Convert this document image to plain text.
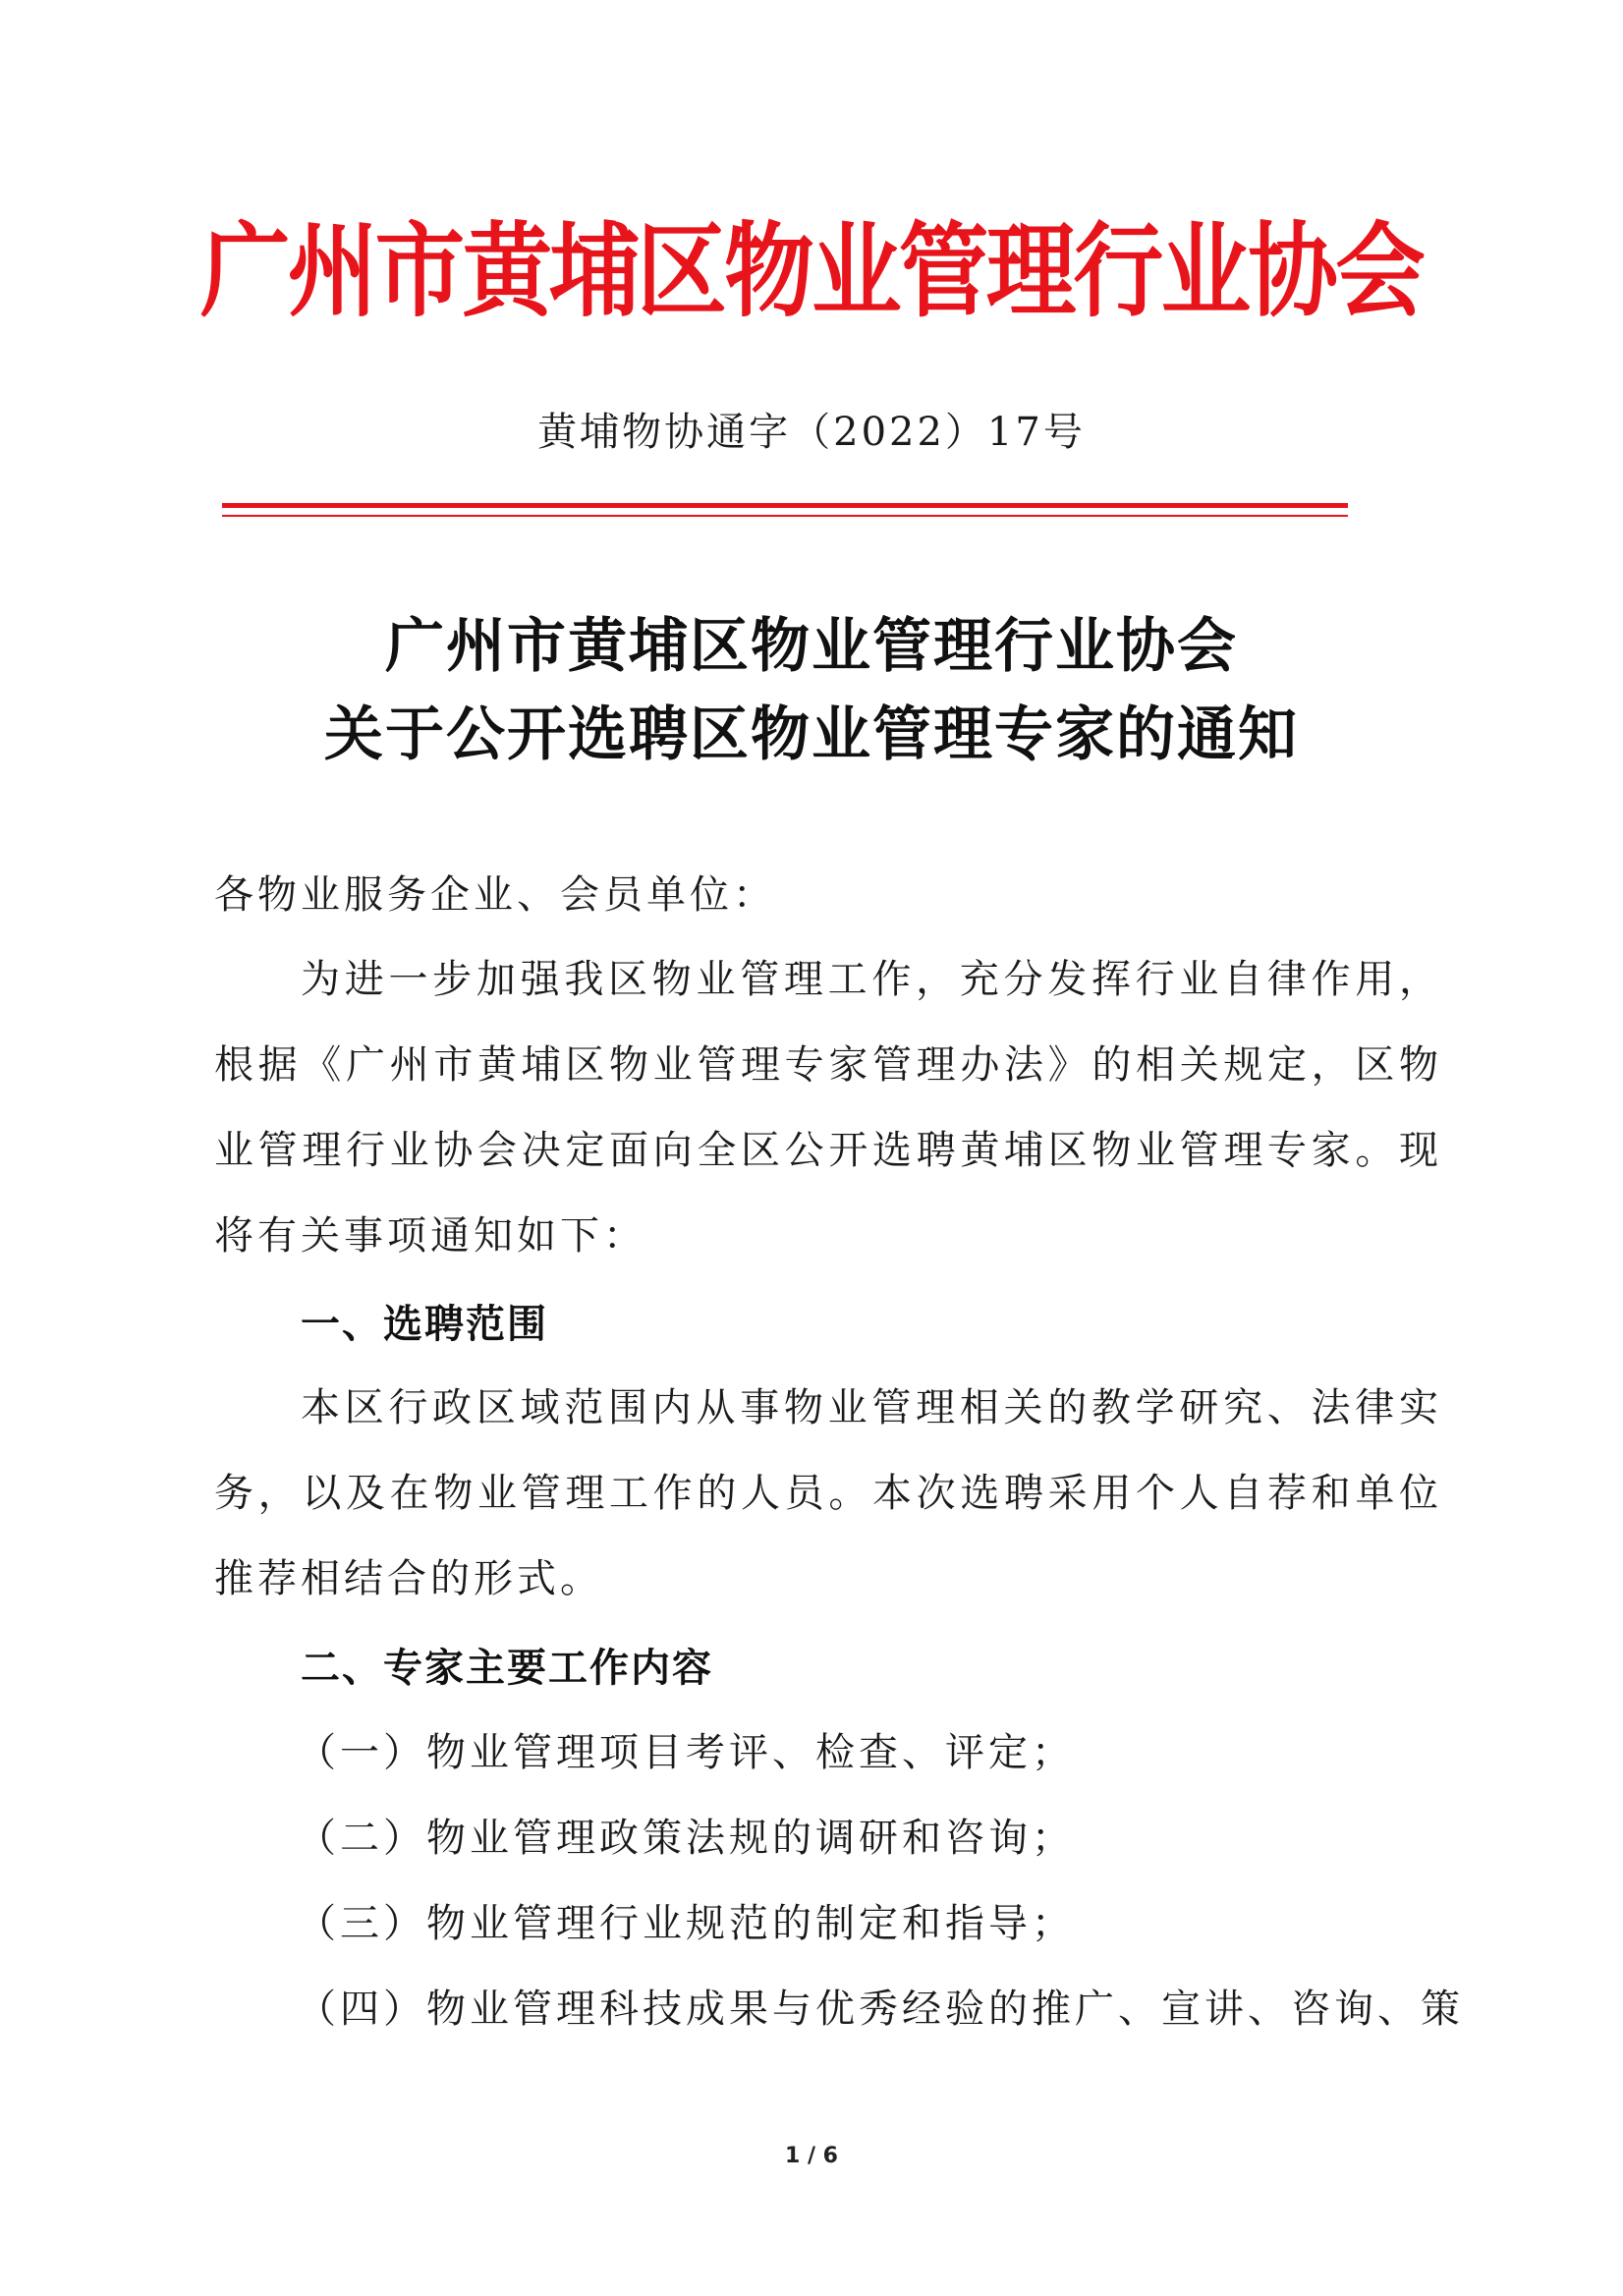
广州市黄埔区物业管理行业协会
黄埔物协通字（2022）17号
广州市黄埔区物业管理行业协会
关于公开选聘区物业管理专家的通知
各物业服务企业、会员单位：
为进一步加强我区物业管理工作，充分发挥行业自律作用，根据《广州市黄埔区物业管理专家管理办法》的相关规定，区物业管理行业协会决定面向全区公开选聘黄埔区物业管理专家。现将有关事项通知如下：
一、选聘范围
本区行政区域范围内从事物业管理相关的教学研究、法律实务，以及在物业管理工作的人员。本次选聘采用个人自荐和单位推荐相结合的形式。
二、专家主要工作内容
（一）物业管理项目考评、检查、评定；
（二）物业管理政策法规的调研和咨询；
（三）物业管理行业规范的制定和指导；
（四）物业管理科技成果与优秀经验的推广、宣讲、咨询、策
1 / 6
